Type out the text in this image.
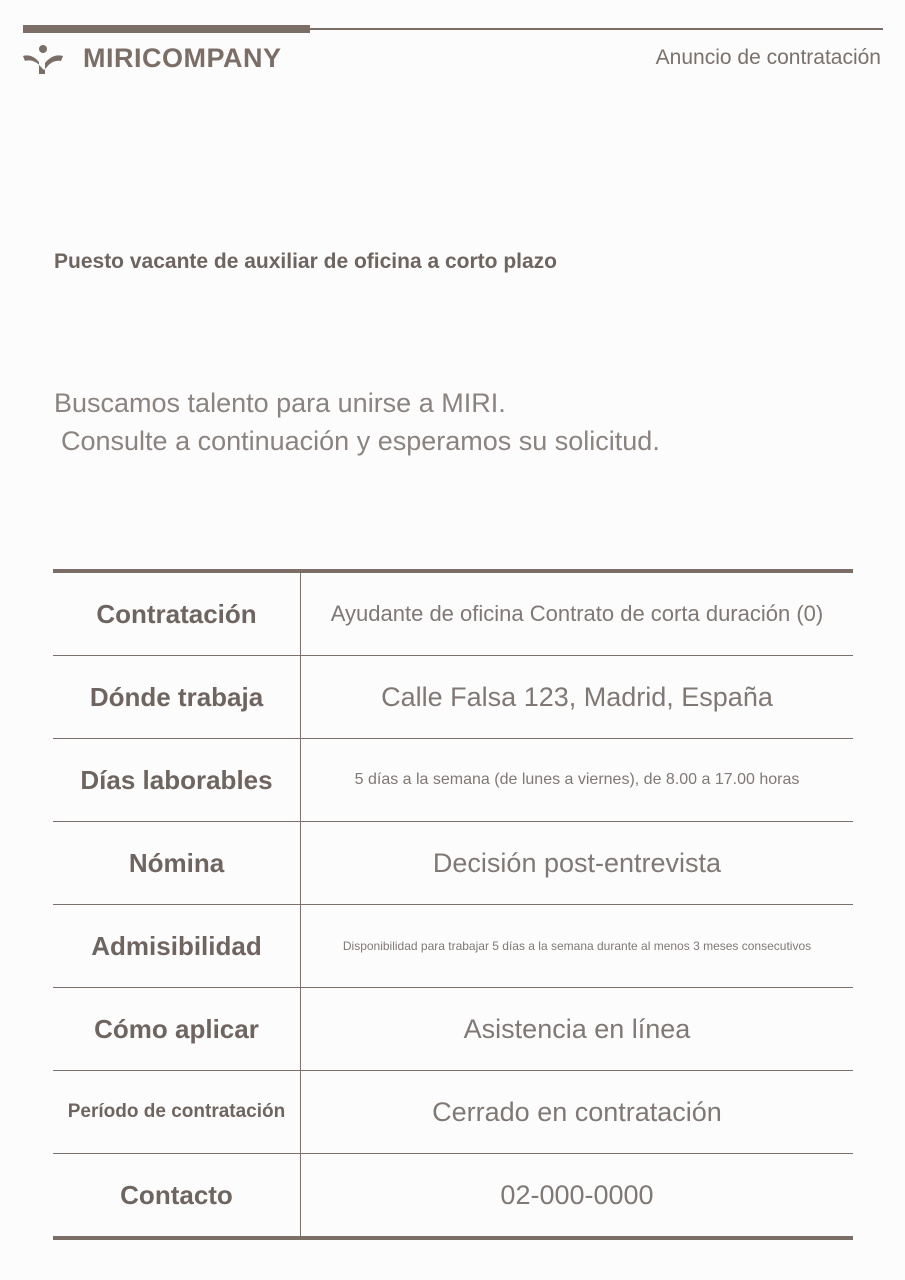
MIRICOMPANY	Anuncio de contratación
Puesto vacante de auxiliar de oficina a corto plazo
Buscamos talento para unirse a MIRI.
Consulte a continuación y esperamos su solicitud.
Contratación	Ayudante de oficina Contrato de corta duración (0)
Dónde trabaja	Calle Falsa 123, Madrid, España
Días laborables	5 días a la semana (de lunes a viernes), de 8.00 a 17.00 horas
Nómina	Decisión post-entrevista
Admisibilidad	Disponibilidad para trabajar 5 días a la semana durante al menos 3 meses consecutivos
Cómo aplicar	Asistencia en línea
Período de contratación	Cerrado en contratación
Contacto	02-000-0000
